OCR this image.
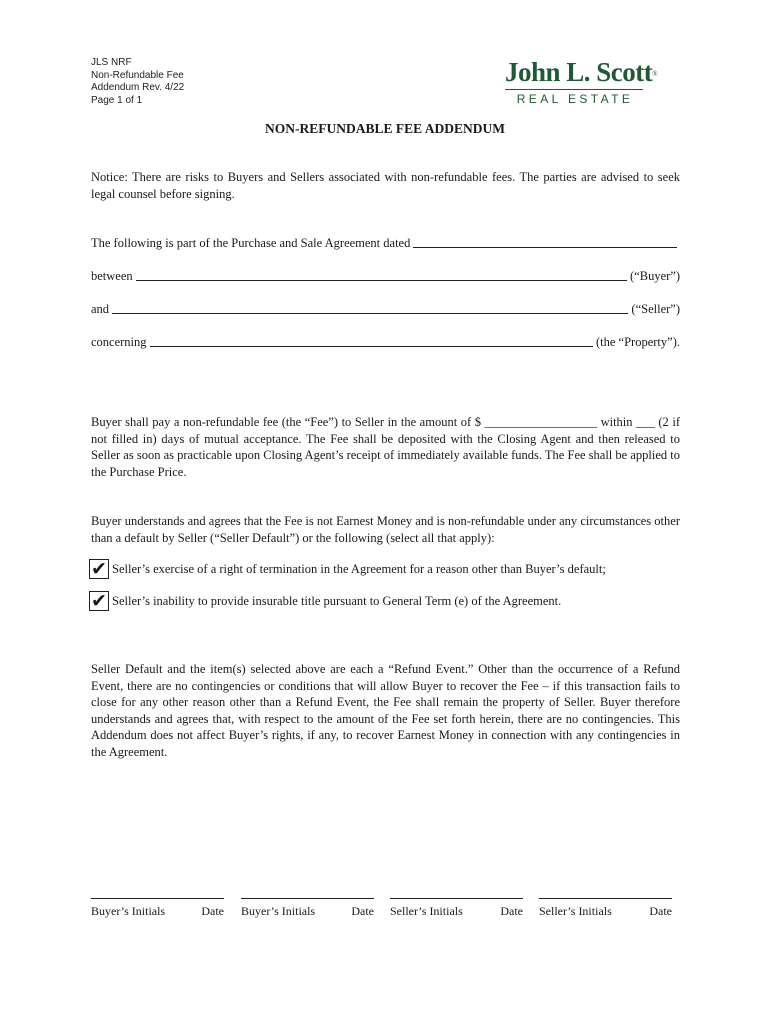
JLS NRF
Non-Refundable Fee
Addendum Rev. 4/22
Page 1 of 1
John L. Scott®
REAL ESTATE
NON-REFUNDABLE FEE ADDENDUM
Notice: There are risks to Buyers and Sellers associated with non-refundable fees. The parties are advised to seek legal counsel before signing.
The following is part of the Purchase and Sale Agreement dated
between	(“Buyer”)
and	(“Seller”)
concerning	(the “Property”).
Buyer shall pay a non-refundable fee (the “Fee”) to Seller in the amount of $ __________________ within ___ (2 if not filled in) days of mutual acceptance. The Fee shall be deposited with the Closing Agent and then released to Seller as soon as practicable upon Closing Agent’s receipt of immediately available funds. The Fee shall be applied to the Purchase Price.
Buyer understands and agrees that the Fee is not Earnest Money and is non-refundable under any circumstances other than a default by Seller (“Seller Default”) or the following (select all that apply):
✔ Seller’s exercise of a right of termination in the Agreement for a reason other than Buyer’s default;
✔ Seller’s inability to provide insurable title pursuant to General Term (e) of the Agreement.
Seller Default and the item(s) selected above are each a “Refund Event.” Other than the occurrence of a Refund Event, there are no contingencies or conditions that will allow Buyer to recover the Fee – if this transaction fails to close for any other reason other than a Refund Event, the Fee shall remain the property of Seller. Buyer therefore understands and agrees that, with respect to the amount of the Fee set forth herein, there are no contingencies. This Addendum does not affect Buyer’s rights, if any, to recover Earnest Money in connection with any contingencies in the Agreement.
Buyer’s Initials	Date Buyer’s Initials	Date Seller’s Initials	Date Seller’s Initials	Date
